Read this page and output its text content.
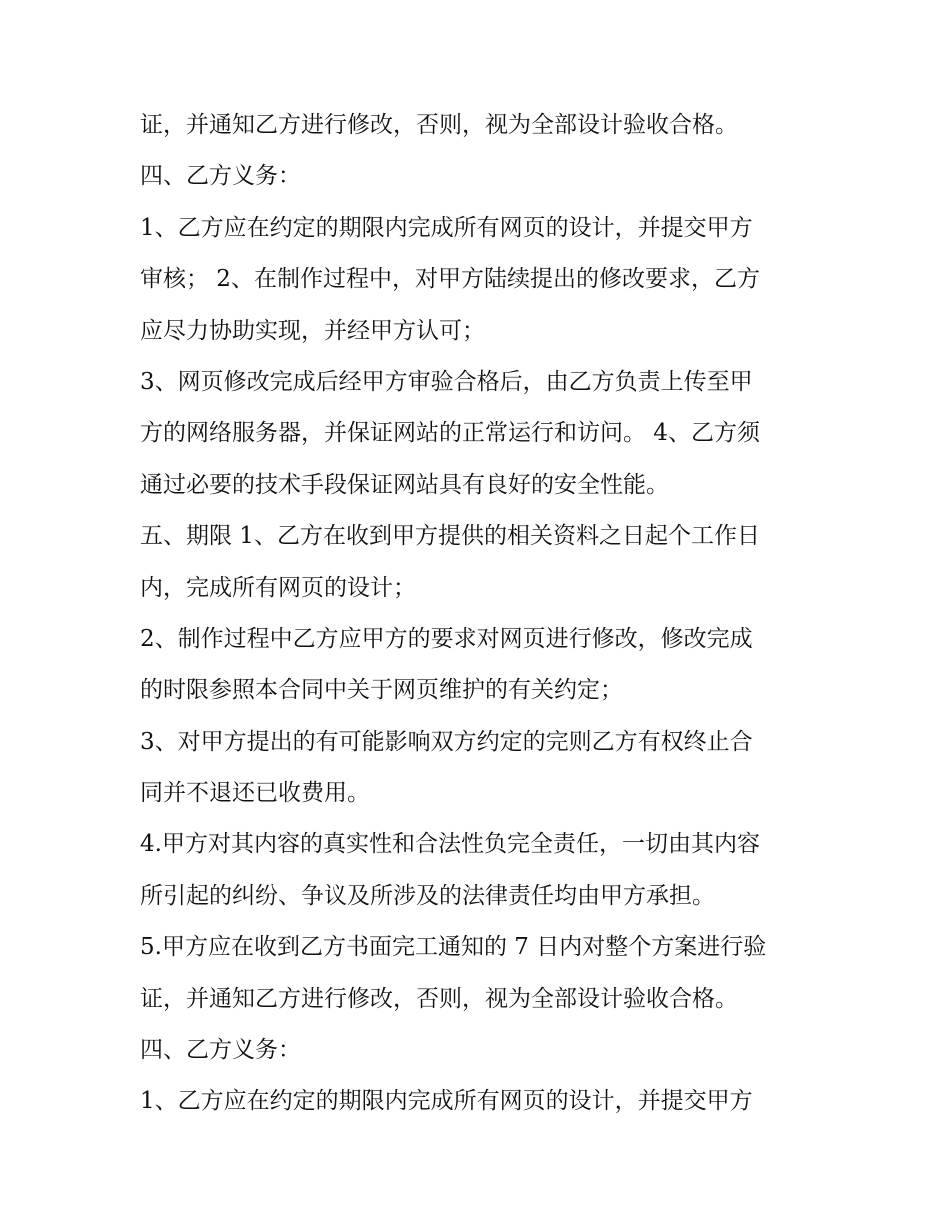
证，并通知乙方进行修改，否则，视为全部设计验收合格。
四、乙方义务：
1、乙方应在约定的期限内完成所有网页的设计，并提交甲方
审核； 2、在制作过程中，对甲方陆续提出的修改要求，乙方
应尽力协助实现，并经甲方认可；
3、网页修改完成后经甲方审验合格后，由乙方负责上传至甲
方的网络服务器，并保证网站的正常运行和访问。 4、乙方须
通过必要的技术手段保证网站具有良好的安全性能。
五、期限 1、乙方在收到甲方提供的相关资料之日起个工作日
内，完成所有网页的设计；
2、制作过程中乙方应甲方的要求对网页进行修改，修改完成
的时限参照本合同中关于网页维护的有关约定；
3、对甲方提出的有可能影响双方约定的完则乙方有权终止合
同并不退还已收费用。
4.甲方对其内容的真实性和合法性负完全责任，一切由其内容
所引起的纠纷、争议及所涉及的法律责任均由甲方承担。
5.甲方应在收到乙方书面完工通知的 7 日内对整个方案进行验
证，并通知乙方进行修改，否则，视为全部设计验收合格。
四、乙方义务：
1、乙方应在约定的期限内完成所有网页的设计，并提交甲方
